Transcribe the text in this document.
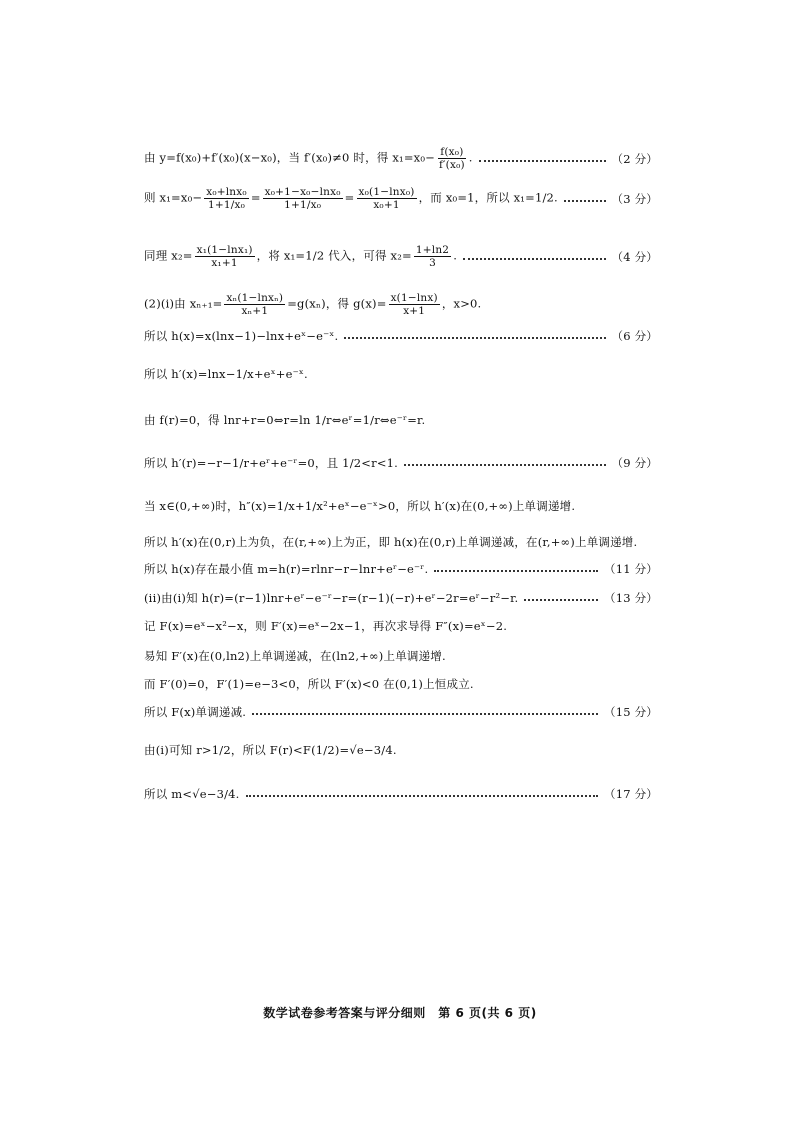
由 y=f(x₀)+f′(x₀)(x−x₀)，当 f′(x₀)≠0 时，得 $x_1=x_0- \frac{\text{f(x₀)}}{\text{f′(x₀)}}$ .	（2 分）
则 $x_1=x_0- \frac{\text{x₀+lnx₀}}{\text{1+1/x₀}} = \frac{\text{x₀+1−x₀−lnx₀}}{\text{1+1/x₀}} = \frac{\text{x₀(1−lnx₀)}}{\text{x₀+1}}$ ，而 x₀=1，所以 x₁=1/2.	（3 分）
同理 $x_2= \frac{\text{x₁(1−lnx₁)}}{\text{x₁+1}}$ ，将 x₁=1/2 代入，可得 $x_2= \frac{1+\ln 2}{3}$ .	（4 分）
(2)(i)由 $x_{n+1}= \frac{\text{xₙ(1−lnxₙ)}}{\text{xₙ+1}} =g(x_n)$，得 $g(x)= \frac{x(1-\ln x)}{x+1}$ ，x>0.
所以 h(x)=x(lnx−1)−lnx+eˣ−e⁻ˣ.	（6 分）
所以 h′(x)=lnx−1/x+eˣ+e⁻ˣ.
由 f(r)=0，得 lnr+r=0⇔r=ln 1/r⇔eʳ=1/r⇔e⁻ʳ=r.
所以 h′(r)=−r−1/r+eʳ+e⁻ʳ=0，且 1/2<r<1.	（9 分）
当 x∈(0,+∞)时，h″(x)=1/x+1/x²+eˣ−e⁻ˣ>0，所以 h′(x)在(0,+∞)上单调递增.
所以 h′(x)在(0,r)上为负，在(r,+∞)上为正，即 h(x)在(0,r)上单调递减，在(r,+∞)上单调递增.
所以 h(x)存在最小值 m=h(r)=rlnr−r−lnr+eʳ−e⁻ʳ.	（11 分）
(ii)由(i)知 h(r)=(r−1)lnr+eʳ−e⁻ʳ−r=(r−1)(−r)+eʳ−2r=eʳ−r²−r.	（13 分）
记 F(x)=eˣ−x²−x，则 F′(x)=eˣ−2x−1，再次求导得 F″(x)=eˣ−2.
易知 F′(x)在(0,ln2)上单调递减，在(ln2,+∞)上单调递增.
而 F′(0)=0，F′(1)=e−3<0，所以 F′(x)<0 在(0,1)上恒成立.
所以 F(x)单调递减.	（15 分）
由(i)可知 r>1/2，所以 F(r)<F(1/2)=√e−3/4.
所以 m<√e−3/4.	（17 分）
数学试卷参考答案与评分细则　第 6 页(共 6 页)
